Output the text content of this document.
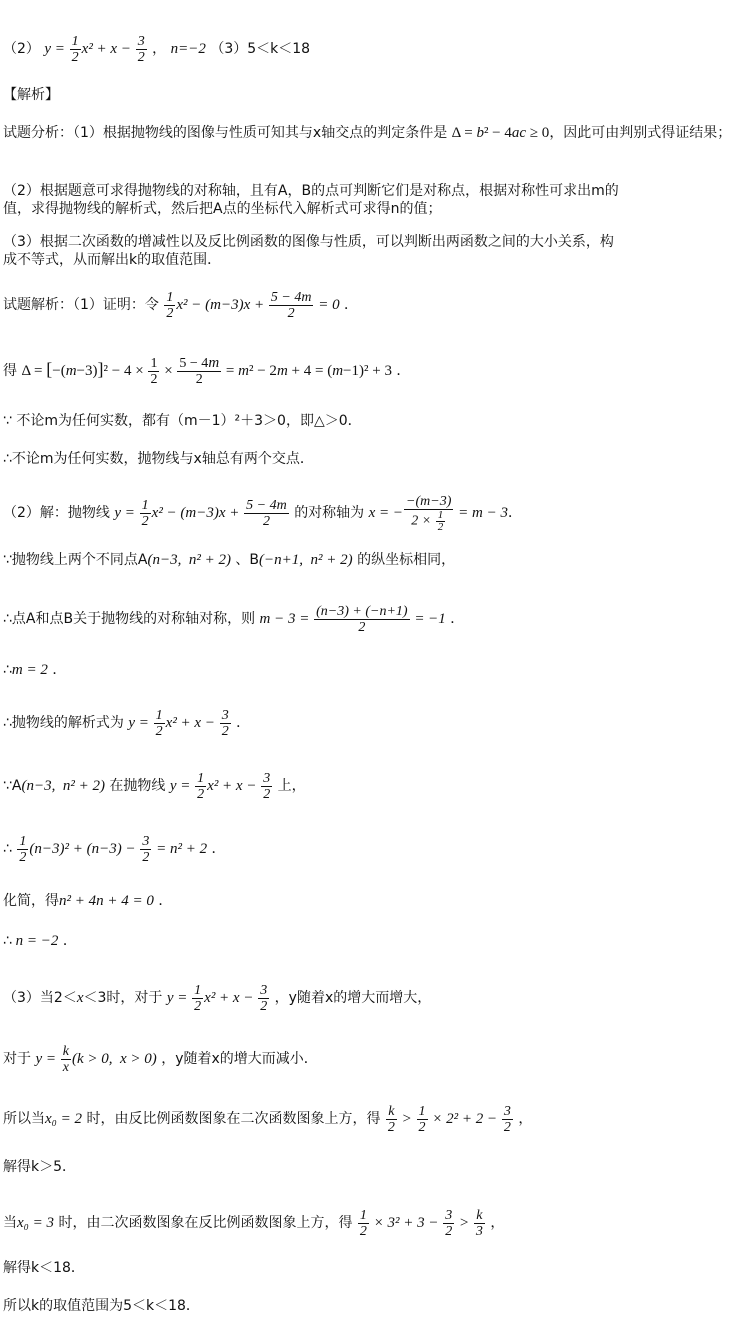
（2） $y = \frac{1}{2} x^2 + x - \frac{3}{2}$ ， n=−2 （3）5＜k＜18
【解析】
试题分析：（1）根据抛物线的图像与性质可知其与x轴交点的判定条件是 Δ = b² − 4ac ≥ 0，因此可由判别式得证结果；
（2）根据题意可求得抛物线的对称轴，且有A，B的点可判断它们是对称点，根据对称性可求出m的值，求得抛物线的解析式，然后把A点的坐标代入解析式可求得n的值；
（3）根据二次函数的增减性以及反比例函数的图像与性质，可以判断出两函数之间的大小关系，构成不等式，从而解出k的取值范围．
试题解析：（1）证明：令 $\frac{1}{2} x^2 - (m-3)x + \frac{5 - 4m}{2} = 0$ ．
得 $\Delta = [-(m-3)]^2 - 4 \times \frac{1}{2} \times \frac{5 - 4m}{2} = m^2 - 2m + 4 = (m-1)^2 + 3$ ．
∵ 不论m为任何实数，都有（m－1）²＋3＞0，即△＞0．
∴不论m为任何实数，抛物线与x轴总有两个交点．
（2）解：抛物线 $y = \frac{1}{2} x^2 - (m-3)x + \frac{5 - 4m}{2}$ 的对称轴为 x = − $\frac{-(m-3)}{2 \times \frac{1}{2}} = m - 3$．
∵抛物线上两个不同点A(n−3,  n² + 2) 、B(−n+1,  n² + 2) 的纵坐标相同，
∴点A和点B关于抛物线的对称轴对称，则 $m - 3 = \frac{(n-3) + (-n+1)}{2} = -1$ ．
∴m = 2 ．
∴抛物线的解析式为 $y = \frac{1}{2} x^2 + x - \frac{3}{2}$ ．
∵A(n−3,  n² + 2) 在抛物线 $y = \frac{1}{2} x^2 + x - \frac{3}{2}$ 上，
∴ $\frac{1}{2} (n-3)^2 + (n-3) - \frac{3}{2} = n^2 + 2$ ．
化简，得n² + 4n + 4 = 0 ．
∴ n = −2 ．
（3）当2＜x＜3时，对于 $y = \frac{1}{2} x^2 + x - \frac{3}{2}$ ，y随着x的增大而增大，
对于 $y = \frac{k}{x} (k > 0$,  x > 0) ，y随着x的增大而减小．
所以当x₀ = 2 时，由反比例函数图象在二次函数图象上方，得 $\frac{k}{2} > \frac{1}{2} \times 2^2 + 2 - \frac{3}{2}$ ，
解得k＞5．
当x₀ = 3 时，由二次函数图象在反比例函数图象上方，得 $\frac{1}{2} \times 3^2 + 3 - \frac{3}{2} > \frac{k}{3}$ ，
解得k＜18．
所以k的取值范围为5＜k＜18．
